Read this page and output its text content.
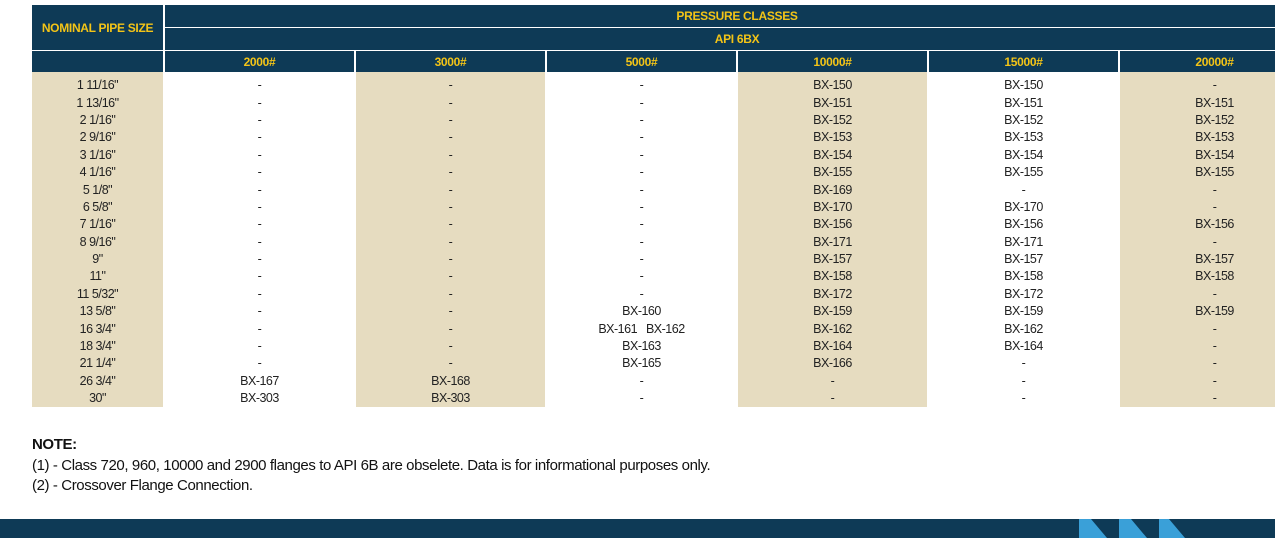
NOMINAL PIPE SIZE	PRESSURE CLASSES					
	API 6BX					
	2000#	3000#	5000#	10000#	15000#	20000#

1 11/16"	-	-	-	BX-150	BX-150	-
1 13/16"	-	-	-	BX-151	BX-151	BX-151
2 1/16"	-	-	-	BX-152	BX-152	BX-152
2 9/16"	-	-	-	BX-153	BX-153	BX-153
3 1/16"	-	-	-	BX-154	BX-154	BX-154
4 1/16"	-	-	-	BX-155	BX-155	BX-155
5 1/8"	-	-	-	BX-169	-	-
6 5/8"	-	-	-	BX-170	BX-170	-
7 1/16"	-	-	-	BX-156	BX-156	BX-156
8 9/16"	-	-	-	BX-171	BX-171	-
9"	-	-	-	BX-157	BX-157	BX-157
11"	-	-	-	BX-158	BX-158	BX-158
11 5/32"	-	-	-	BX-172	BX-172	-
13 5/8"	-	-	BX-160	BX-159	BX-159	BX-159
16 3/4"	-	-	BX-161   BX-162	BX-162	BX-162	-
18 3/4"	-	-	BX-163	BX-164	BX-164	-
21 1/4"	-	-	BX-165	BX-166	-	-
26 3/4"	BX-167	BX-168	-	-	-	-
30"	BX-303	BX-303	-	-	-	-
NOTE:
(1) - Class 720, 960, 10000 and 2900 flanges to API 6B are obselete. Data is for informational purposes only.
(2) - Crossover Flange Connection.
